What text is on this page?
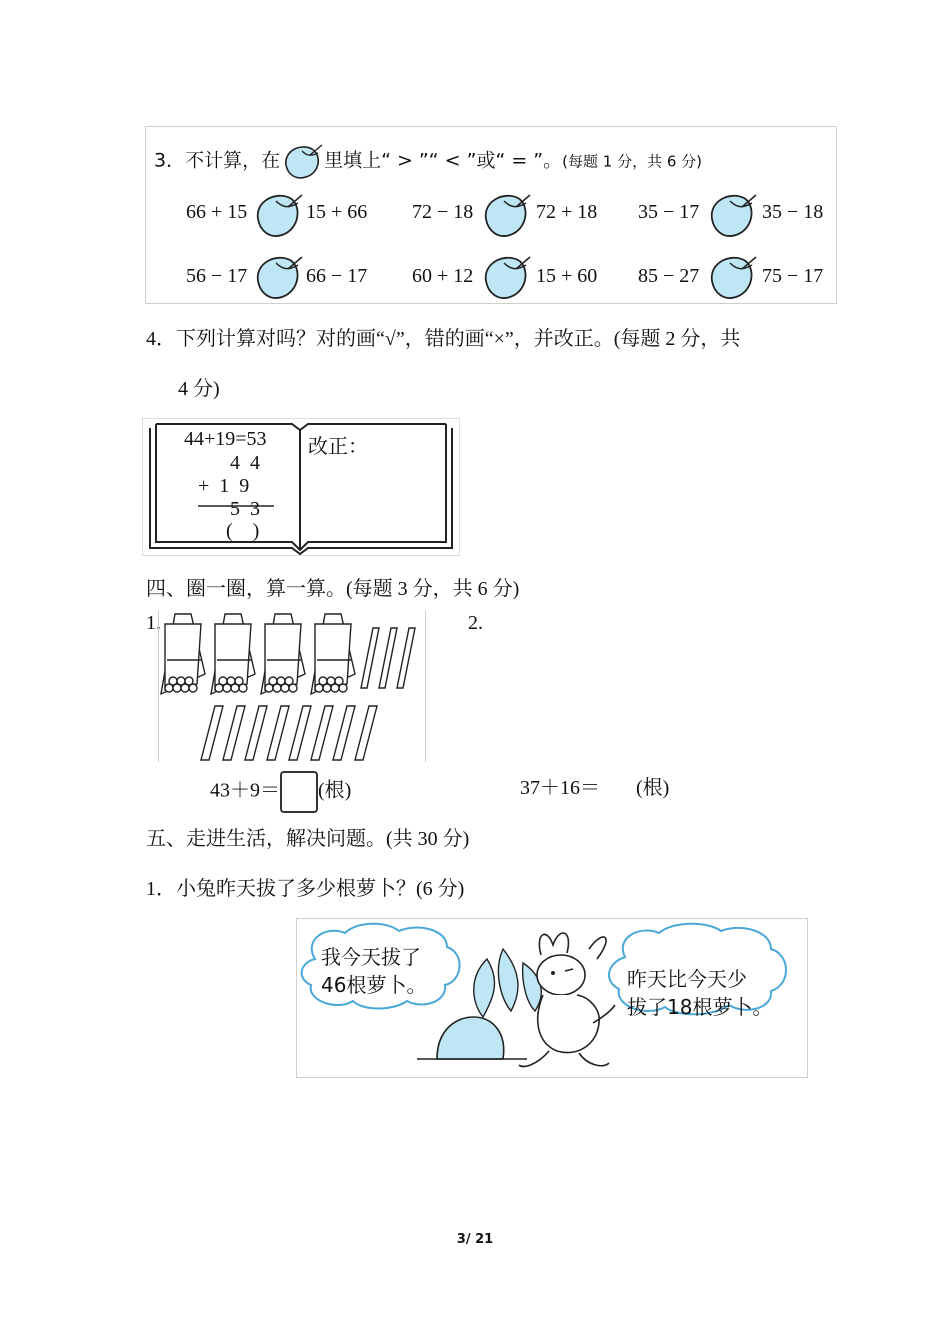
3．不计算，在 里填上“ > ”“ < ”或“ = ”。(每题 1 分，共 6 分)
66 + 15	15 + 66 72 − 18	72 + 18 35 − 17	35 − 18
56 − 17	66 − 17 60 + 12	15 + 60 85 − 27	75 − 17
4．下列计算对吗？对的画“√”，错的画“×”，并改正。(每题 2 分，共
4 分)
44+19=53
4  4
+  1  9
5  3
(    )
改正：
四、圈一圈，算一算。(每题 3 分，共 6 分)
1.	2.
43＋9＝ (根)	37＋16＝ (根)
五、走进生活，解决问题。(共 30 分)
1．小兔昨天拔了多少根萝卜？(6 分)
我今天拔了
46根萝卜。	昨天比今天少
拔了18根萝卜。
3/ 21
